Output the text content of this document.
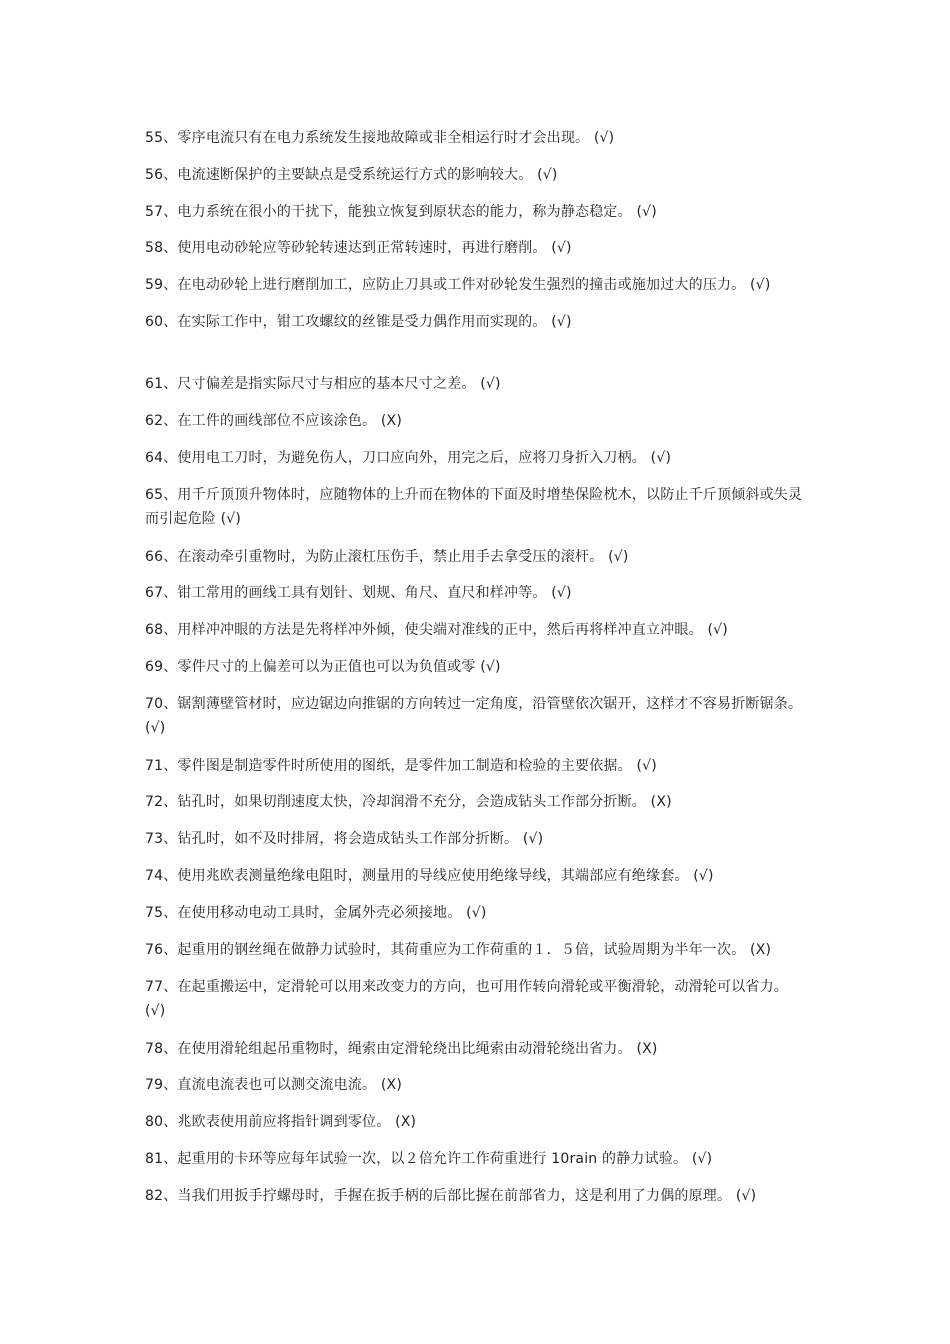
55、零序电流只有在电力系统发生接地故障或非全相运行时才会出现。 (√)
56、电流速断保护的主要缺点是受系统运行方式的影响较大。 (√)
57、电力系统在很小的干扰下，能独立恢复到原状态的能力，称为静态稳定。 (√)
58、使用电动砂轮应等砂轮转速达到正常转速时，再进行磨削。 (√)
59、在电动砂轮上进行磨削加工，应防止刀具或工件对砂轮发生强烈的撞击或施加过大的压力。 (√)
60、在实际工作中，钳工攻螺纹的丝锥是受力偶作用而实现的。 (√)
61、尺寸偏差是指实际尺寸与相应的基本尺寸之差。 (√)
62、在工件的画线部位不应该涂色。 (X)
64、使用电工刀时，为避免伤人，刀口应向外，用完之后，应将刀身折入刀柄。 (√)
65、用千斤顶顶升物体时，应随物体的上升而在物体的下面及时增垫保险枕木，以防止千斤顶倾斜或失灵而引起危险 (√)
66、在滚动牵引重物时，为防止滚杠压伤手，禁止用手去拿受压的滚杆。 (√)
67、钳工常用的画线工具有划针、划规、角尺、直尺和样冲等。 (√)
68、用样冲冲眼的方法是先将样冲外倾，使尖端对准线的正中，然后再将样冲直立冲眼。 (√)
69、零件尺寸的上偏差可以为正值也可以为负值或零 (√)
70、锯割薄壁管材时，应边锯边向推锯的方向转过一定角度，沿管壁依次锯开，这样才不容易折断锯条。 (√)
71、零件图是制造零件时所使用的图纸，是零件加工制造和检验的主要依据。 (√)
72、钻孔时，如果切削速度太快，冷却润滑不充分，会造成钻头工作部分折断。 (X)
73、钻孔时，如不及时排屑，将会造成钻头工作部分折断。 (√)
74、使用兆欧表测量绝缘电阻时，测量用的导线应使用绝缘导线，其端部应有绝缘套。 (√)
75、在使用移动电动工具时，金属外壳必须接地。 (√)
76、起重用的钢丝绳在做静力试验时，其荷重应为工作荷重的１．５倍，试验周期为半年一次。 (X)
77、在起重搬运中，定滑轮可以用来改变力的方向，也可用作转向滑轮或平衡滑轮，动滑轮可以省力。 (√)
78、在使用滑轮组起吊重物时，绳索由定滑轮绕出比绳索由动滑轮绕出省力。 (X)
79、直流电流表也可以测交流电流。 (X)
80、兆欧表使用前应将指针调到零位。 (X)
81、起重用的卡环等应每年试验一次，以２倍允许工作荷重进行 10rain 的静力试验。 (√)
82、当我们用扳手拧螺母时，手握在扳手柄的后部比握在前部省力，这是利用了力偶的原理。 (√)
